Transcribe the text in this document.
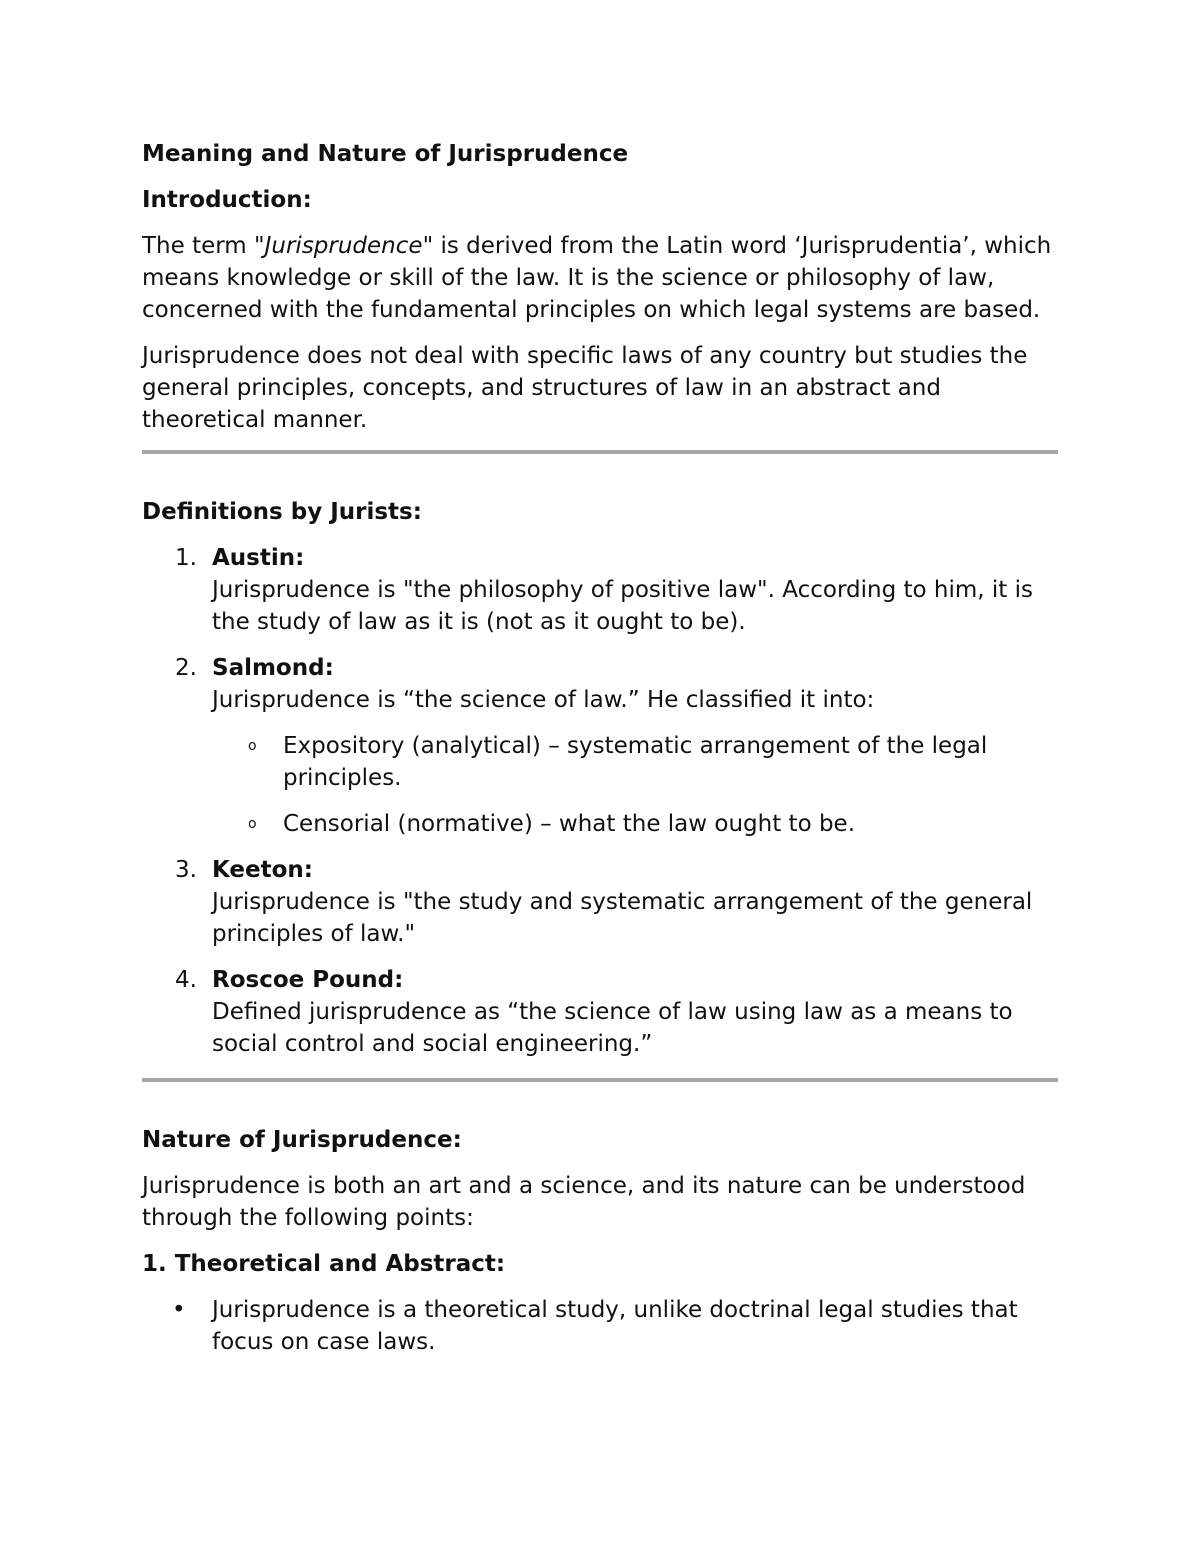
Meaning and Nature of Jurisprudence
Introduction:

The term "Jurisprudence" is derived from the Latin word ‘Jurisprudentia’, which means knowledge or skill of the law. It is the science or philosophy of law, concerned with the fundamental principles on which legal systems are based.

Jurisprudence does not deal with specific laws of any country but studies the general principles, concepts, and structures of law in an abstract and theoretical manner.

Definitions by Jurists:
1. Austin:
Jurisprudence is "the philosophy of positive law". According to him, it is the study of law as it is (not as it ought to be).
2. Salmond:
Jurisprudence is “the science of law.” He classified it into:
o Expository (analytical) – systematic arrangement of the legal principles.
o Censorial (normative) – what the law ought to be.
3. Keeton:
Jurisprudence is "the study and systematic arrangement of the general principles of law."
4. Roscoe Pound:
Defined jurisprudence as “the science of law using law as a means to social control and social engineering.”
Nature of Jurisprudence:

Jurisprudence is both an art and a science, and its nature can be understood through the following points:

1. Theoretical and Abstract:
• Jurisprudence is a theoretical study, unlike doctrinal legal studies that focus on case laws.
